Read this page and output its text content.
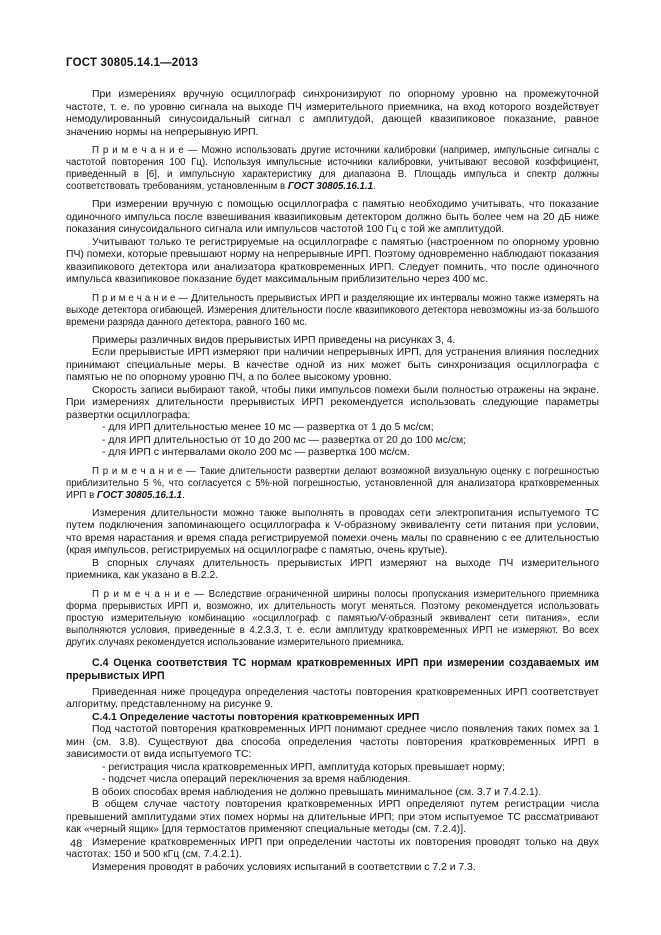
ГОСТ 30805.14.1—2013

При измерениях вручную осциллограф синхронизируют по опорному уровню на промежуточной частоте, т. е. по уровню сигнала на выходе ПЧ измерительного приемника, на вход которого воздействует немодулированный синусоидальный сигнал с амплитудой, дающей квазипиковое показание, равное значению нормы на непрерывную ИРП.

П р и м е ч а н и е — Можно использовать другие источники калибровки (например, импульсные сигналы с частотой повторения 100 Гц). Используя импульсные источники калибровки, учитывают весовой коэффициент, приведенный в [6], и импульсную характеристику для диапазона В. Площадь импульса и спектр должны соответствовать требованиям, установленным в ГОСТ 30805.16.1.1.

При измерении вручную с помощью осциллографа с памятью необходимо учитывать, что показание одиночного импульса после взвешивания квазипиковым детектором должно быть более чем на 20 дБ ниже показания синусоидального сигнала или импульсов частотой 100 Гц с той же амплитудой.

Учитывают только те регистрируемые на осциллографе с памятью (настроенном по опорному уровню ПЧ) помехи, которые превышают норму на непрерывные ИРП. Поэтому одновременно наблюдают показания квазипикового детектора или анализатора кратковременных ИРП. Следует помнить, что после одиночного импульса квазипиковое показание будет максимальным приблизительно через 400 мс.

П р и м е ч а н и е — Длительность прерывистых ИРП и разделяющие их интервалы можно также измерять на выходе детектора огибающей. Измерения длительности после квазипикового детектора невозможны из-за большого времени разряда данного детектора, равного 160 мс.

Примеры различных видов прерывистых ИРП приведены на рисунках 3, 4.

Если прерывистые ИРП измеряют при наличии непрерывных ИРП, для устранения влияния последних принимают специальные меры. В качестве одной из них может быть синхронизация осциллографа с памятью не по опорному уровню ПЧ, а по более высокому уровню.

Скорость записи выбирают такой, чтобы пики импульсов помехи были полностью отражены на экране. При измерениях длительности прерывистых ИРП рекомендуется использовать следующие параметры развертки осциллографа:

- для ИРП длительностью менее 10 мс — развертка от 1 до 5 мс/см;

- для ИРП длительностью от 10 до 200 мс — развертка от 20 до 100 мс/см;

- для ИРП с интервалами около 200 мс — развертка 100 мс/см.

П р и м е ч а н и е — Такие длительности развертки делают возможной визуальную оценку с погрешностью приблизительно 5 %, что согласуется с 5%-ной погрешностью, установленной для анализатора кратковременных ИРП в ГОСТ 30805.16.1.1.

Измерения длительности можно также выполнять в проводах сети электропитания испытуемого ТС путем подключения запоминающего осциллографа к V-образному эквиваленту сети питания при условии, что время нарастания и время спада регистрируемой помехи очень малы по сравнению с ее длительностью (края импульсов, регистрируемых на осциллографе с памятью, очень крутые).

В спорных случаях длительность прерывистых ИРП измеряют на выходе ПЧ измерительного приемника, как указано в В.2.2.

П р и м е ч а н и е — Вследствие ограниченной ширины полосы пропускания измерительного приемника форма прерывистых ИРП и, возможно, их длительность могут меняться. Поэтому рекомендуется использовать простую измерительную комбинацию «осциллограф с памятью/V-образный эквивалент сети питания», если выполняются условия, приведенные в 4.2.3.3, т. е. если амплитуду кратковременных ИРП не измеряют. Во всех других случаях рекомендуется использование измерительного приемника.

С.4 Оценка соответствия ТС нормам кратковременных ИРП при измерении создаваемых им прерывистых ИРП

Приведенная ниже процедура определения частоты повторения кратковременных ИРП соответствует алгоритму, представленному на рисунке 9.

С.4.1 Определение частоты повторения кратковременных ИРП

Под частотой повторения кратковременных ИРП понимают среднее число появления таких помех за 1 мин (см. 3.8). Существуют два способа определения частоты повторения кратковременных ИРП в зависимости от вида испытуемого ТС:

- регистрация числа кратковременных ИРП, амплитуда которых превышает норму;

- подсчет числа операций переключения за время наблюдения.

В обоих способах время наблюдения не должно превышать минимальное (см. 3.7 и 7.4.2.1).

В общем случае частоту повторения кратковременных ИРП определяют путем регистрации числа превышений амплитудами этих помех нормы на длительные ИРП; при этом испытуемое ТС рассматривают как «черный ящик» [для термостатов применяют специальные методы (см. 7.2.4)].

Измерение кратковременных ИРП при определении частоты их повторения проводят только на двух частотах: 150 и 500 кГц (см. 7.4.2.1).

Измерения проводят в рабочих условиях испытаний в соответствии с 7.2 и 7.3.

48
